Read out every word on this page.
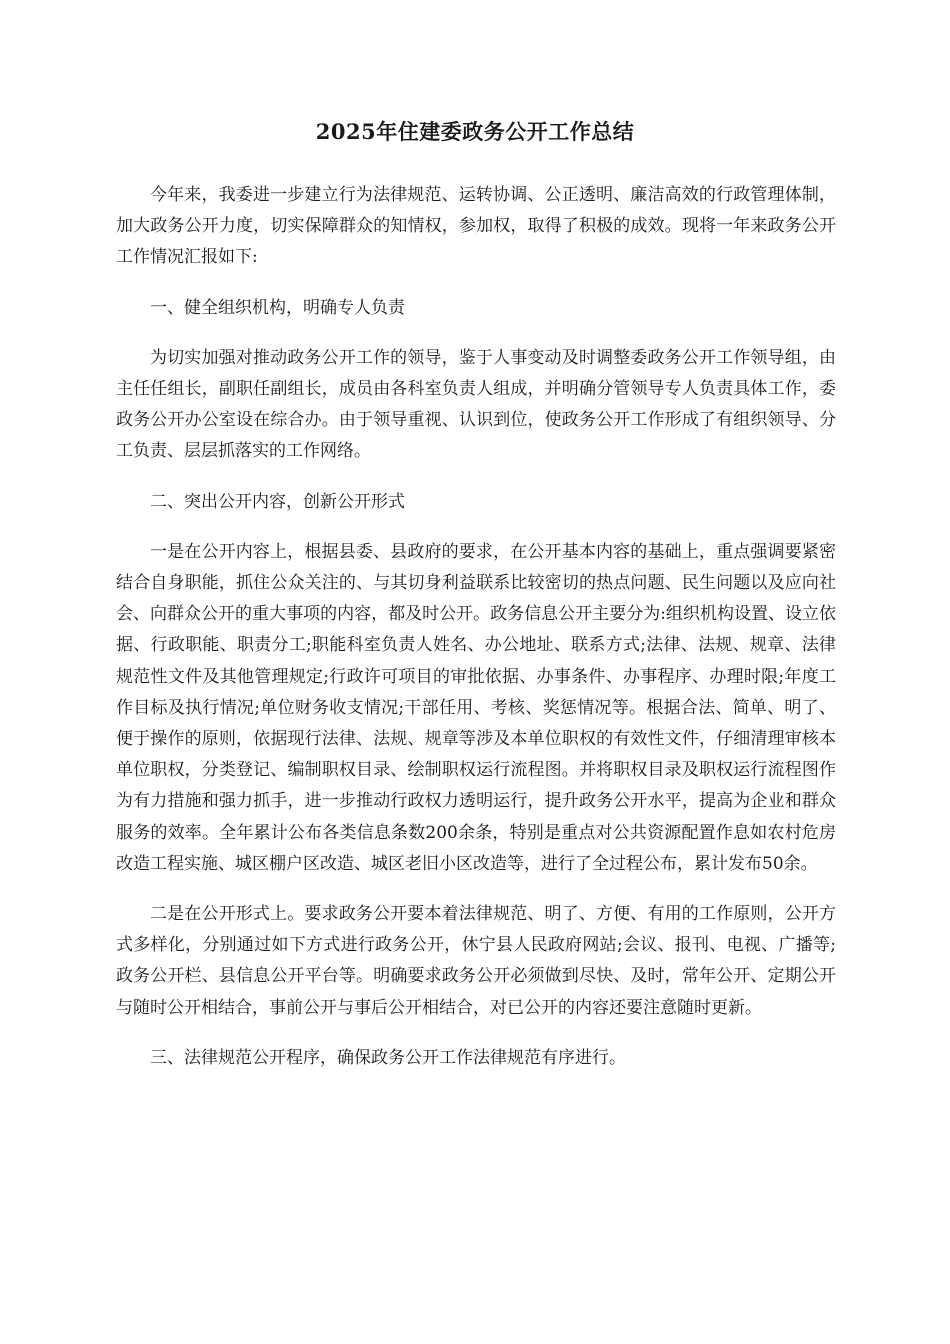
2025年住建委政务公开工作总结

今年来，我委进一步建立行为法律规范、运转协调、公正透明、廉洁高效的行政管理体制，加大政务公开力度，切实保障群众的知情权，参加权，取得了积极的成效。现将一年来政务公开工作情况汇报如下:

一、健全组织机构，明确专人负责

为切实加强对推动政务公开工作的领导，鉴于人事变动及时调整委政务公开工作领导组，由主任任组长，副职任副组长，成员由各科室负责人组成，并明确分管领导专人负责具体工作，委政务公开办公室设在综合办。由于领导重视、认识到位，使政务公开工作形成了有组织领导、分工负责、层层抓落实的工作网络。

二、突出公开内容，创新公开形式

一是在公开内容上，根据县委、县政府的要求，在公开基本内容的基础上，重点强调要紧密结合自身职能，抓住公众关注的、与其切身利益联系比较密切的热点问题、民生问题以及应向社会、向群众公开的重大事项的内容，都及时公开。政务信息公开主要分为:组织机构设置、设立依据、行政职能、职责分工;职能科室负责人姓名、办公地址、联系方式;法律、法规、规章、法律规范性文件及其他管理规定;行政许可项目的审批依据、办事条件、办事程序、办理时限;年度工作目标及执行情况;单位财务收支情况;干部任用、考核、奖惩情况等。根据合法、简单、明了、便于操作的原则，依据现行法律、法规、规章等涉及本单位职权的有效性文件，仔细清理审核本单位职权，分类登记、编制职权目录、绘制职权运行流程图。并将职权目录及职权运行流程图作为有力措施和强力抓手，进一步推动行政权力透明运行，提升政务公开水平，提高为企业和群众服务的效率。全年累计公布各类信息条数200余条，特别是重点对公共资源配置作息如农村危房改造工程实施、城区棚户区改造、城区老旧小区改造等，进行了全过程公布，累计发布50余。

二是在公开形式上。要求政务公开要本着法律规范、明了、方便、有用的工作原则，公开方式多样化，分别通过如下方式进行政务公开，休宁县人民政府网站;会议、报刊、电视、广播等;政务公开栏、县信息公开平台等。明确要求政务公开必须做到尽快、及时，常年公开、定期公开与随时公开相结合，事前公开与事后公开相结合，对已公开的内容还要注意随时更新。

三、法律规范公开程序，确保政务公开工作法律规范有序进行。
